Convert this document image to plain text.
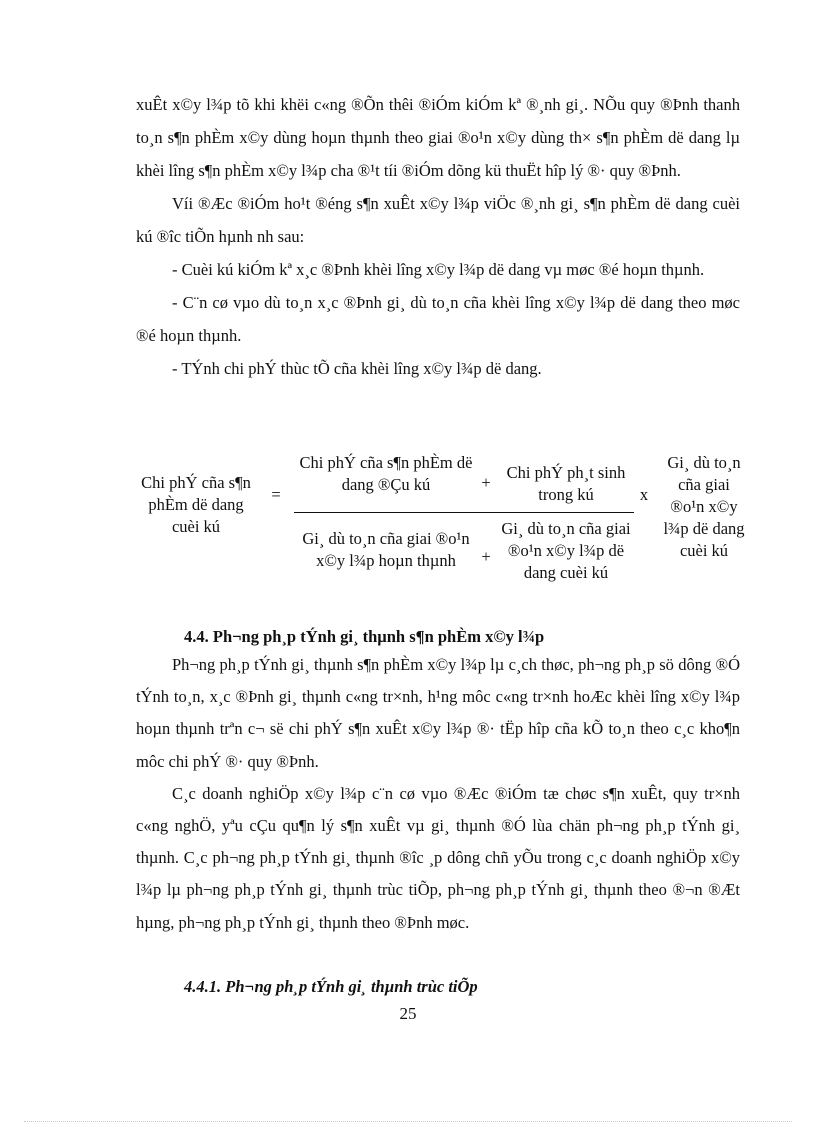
xuÊt x©y l¾p tõ khi khëi c«ng ®Õn thêi ®iÓm kiÓm kª ®¸nh gi¸. NÕu quy ®Þnh thanh to¸n s¶n phÈm x©y dùng hoµn thµnh theo giai ®o¹n x©y dùng th× s¶n phÈm dë dang lµ khèi lîng s¶n phÈm x©y l¾p cha ®¹t tíi ®iÓm dõng kü thuËt hîp lý ®· quy ®Þnh.

Víi ®Æc ®iÓm ho¹t ®éng s¶n xuÊt x©y l¾p viÖc ®¸nh gi¸ s¶n phÈm dë dang cuèi kú ®îc tiÕn hµnh nh sau:

- Cuèi kú kiÓm kª x¸c ®Þnh khèi lîng x©y l¾p dë dang vµ møc ®é hoµn thµnh.

- C¨n cø vµo dù to¸n x¸c ®Þnh gi¸ dù to¸n cña khèi lîng x©y l¾p dë dang theo møc ®é hoµn thµnh.

- TÝnh chi phÝ thùc tÕ cña khèi lîng x©y l¾p dë dang.

Chi phÝ cña s¶n phÈm dë dang cuèi kú
=
Chi phÝ cña s¶n phÈm dë dang ®Çu kú	+
Chi phÝ ph¸t sinh trong kú
Gi¸ dù to¸n cña giai ®o¹n x©y l¾p hoµn thµnh	+
Gi¸ dù to¸n cña giai ®o¹n x©y l¾p dë dang cuèi kú
x
Gi¸ dù to¸n cña giai ®o¹n x©y l¾p dë dang cuèi kú
4.4. Ph¬ng ph¸p tÝnh gi¸ thµnh s¶n phÈm x©y l¾p

Ph¬ng ph¸p tÝnh gi¸ thµnh s¶n phÈm x©y l¾p lµ c¸ch thøc, ph¬ng ph¸p sö dông ®Ó tÝnh to¸n, x¸c ®Þnh gi¸ thµnh c«ng tr×nh, h¹ng môc c«ng tr×nh hoÆc khèi lîng x©y l¾p hoµn thµnh trªn c¬ së chi phÝ s¶n xuÊt x©y l¾p ®· tËp hîp cña kÕ to¸n theo c¸c kho¶n môc chi phÝ ®· quy ®Þnh.

C¸c doanh nghiÖp x©y l¾p c¨n cø vµo ®Æc ®iÓm tæ chøc s¶n xuÊt, quy tr×nh c«ng nghÖ, yªu cÇu qu¶n lý s¶n xuÊt vµ gi¸ thµnh ®Ó lùa chän ph¬ng ph¸p tÝnh gi¸ thµnh. C¸c ph¬ng ph¸p tÝnh gi¸ thµnh ®îc ¸p dông chñ yÕu trong c¸c doanh nghiÖp x©y l¾p lµ ph¬ng ph¸p tÝnh gi¸ thµnh trùc tiÕp, ph¬ng ph¸p tÝnh gi¸ thµnh theo ®¬n ®Æt hµng, ph¬ng ph¸p tÝnh gi¸ thµnh theo ®Þnh møc.

4.4.1. Ph¬ng ph¸p tÝnh gi¸ thµnh trùc tiÕp
25
